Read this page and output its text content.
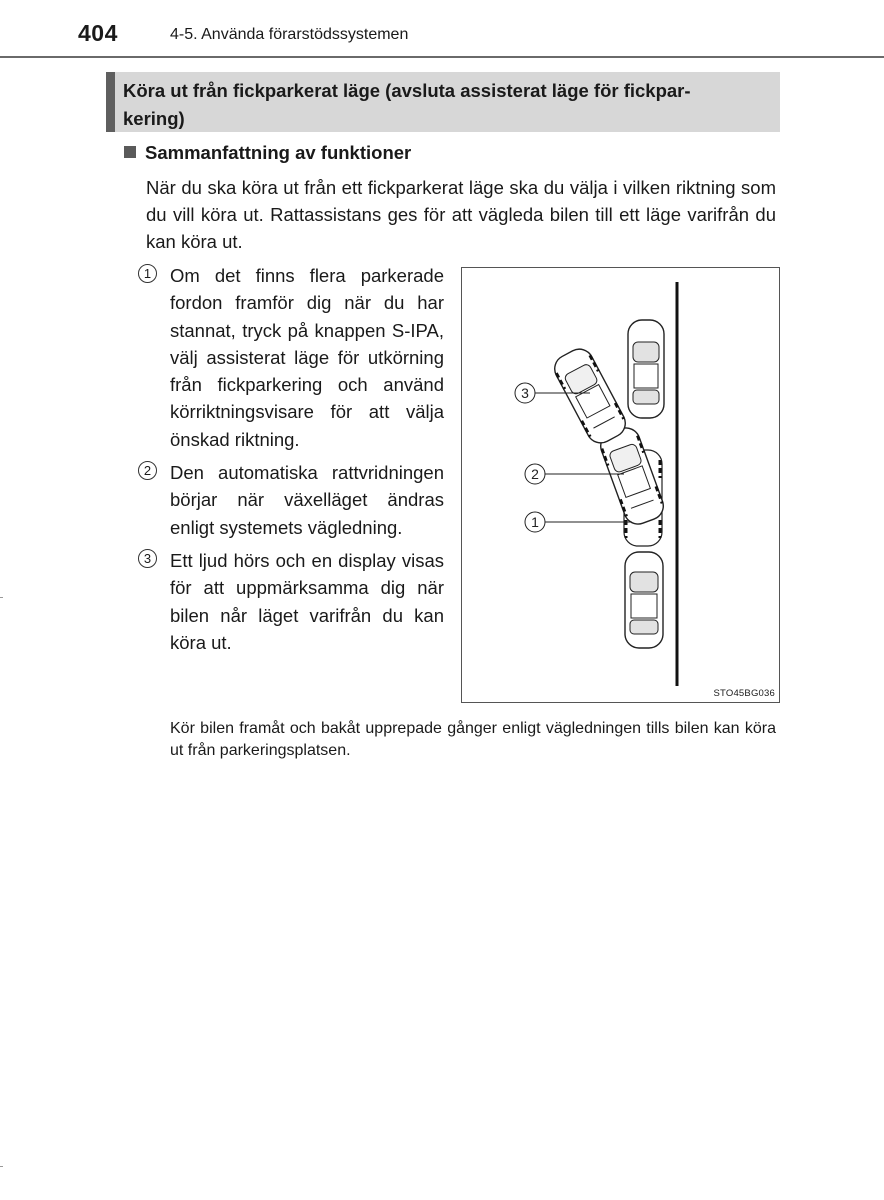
404	4-5. Använda förarstödssystemen
Köra ut från fickparkerat läge (avsluta assisterat läge för fickpar-
kering)
Sammanfattning av funktioner
När du ska köra ut från ett fickparkerat läge ska du välja i vilken riktning som du vill köra ut. Rattassistans ges för att vägleda bilen till ett läge varifrån du kan köra ut.
1	Om det finns flera parkerade fordon framför dig när du har stannat, tryck på knappen S-IPA, välj assisterat läge för utkörning från fickparkering och använd körriktningsvisare för att välja önskad riktning.
2	Den automatiska rattvridningen börjar när växelläget ändras enligt systemets vägledning.
3	Ett ljud hörs och en display visas för att uppmärksamma dig när bilen når läget varifrån du kan köra ut.
3
2
1
STO45BG036
Kör bilen framåt och bakåt upprepade gånger enligt vägledningen tills bilen kan köra ut från parkeringsplatsen.
